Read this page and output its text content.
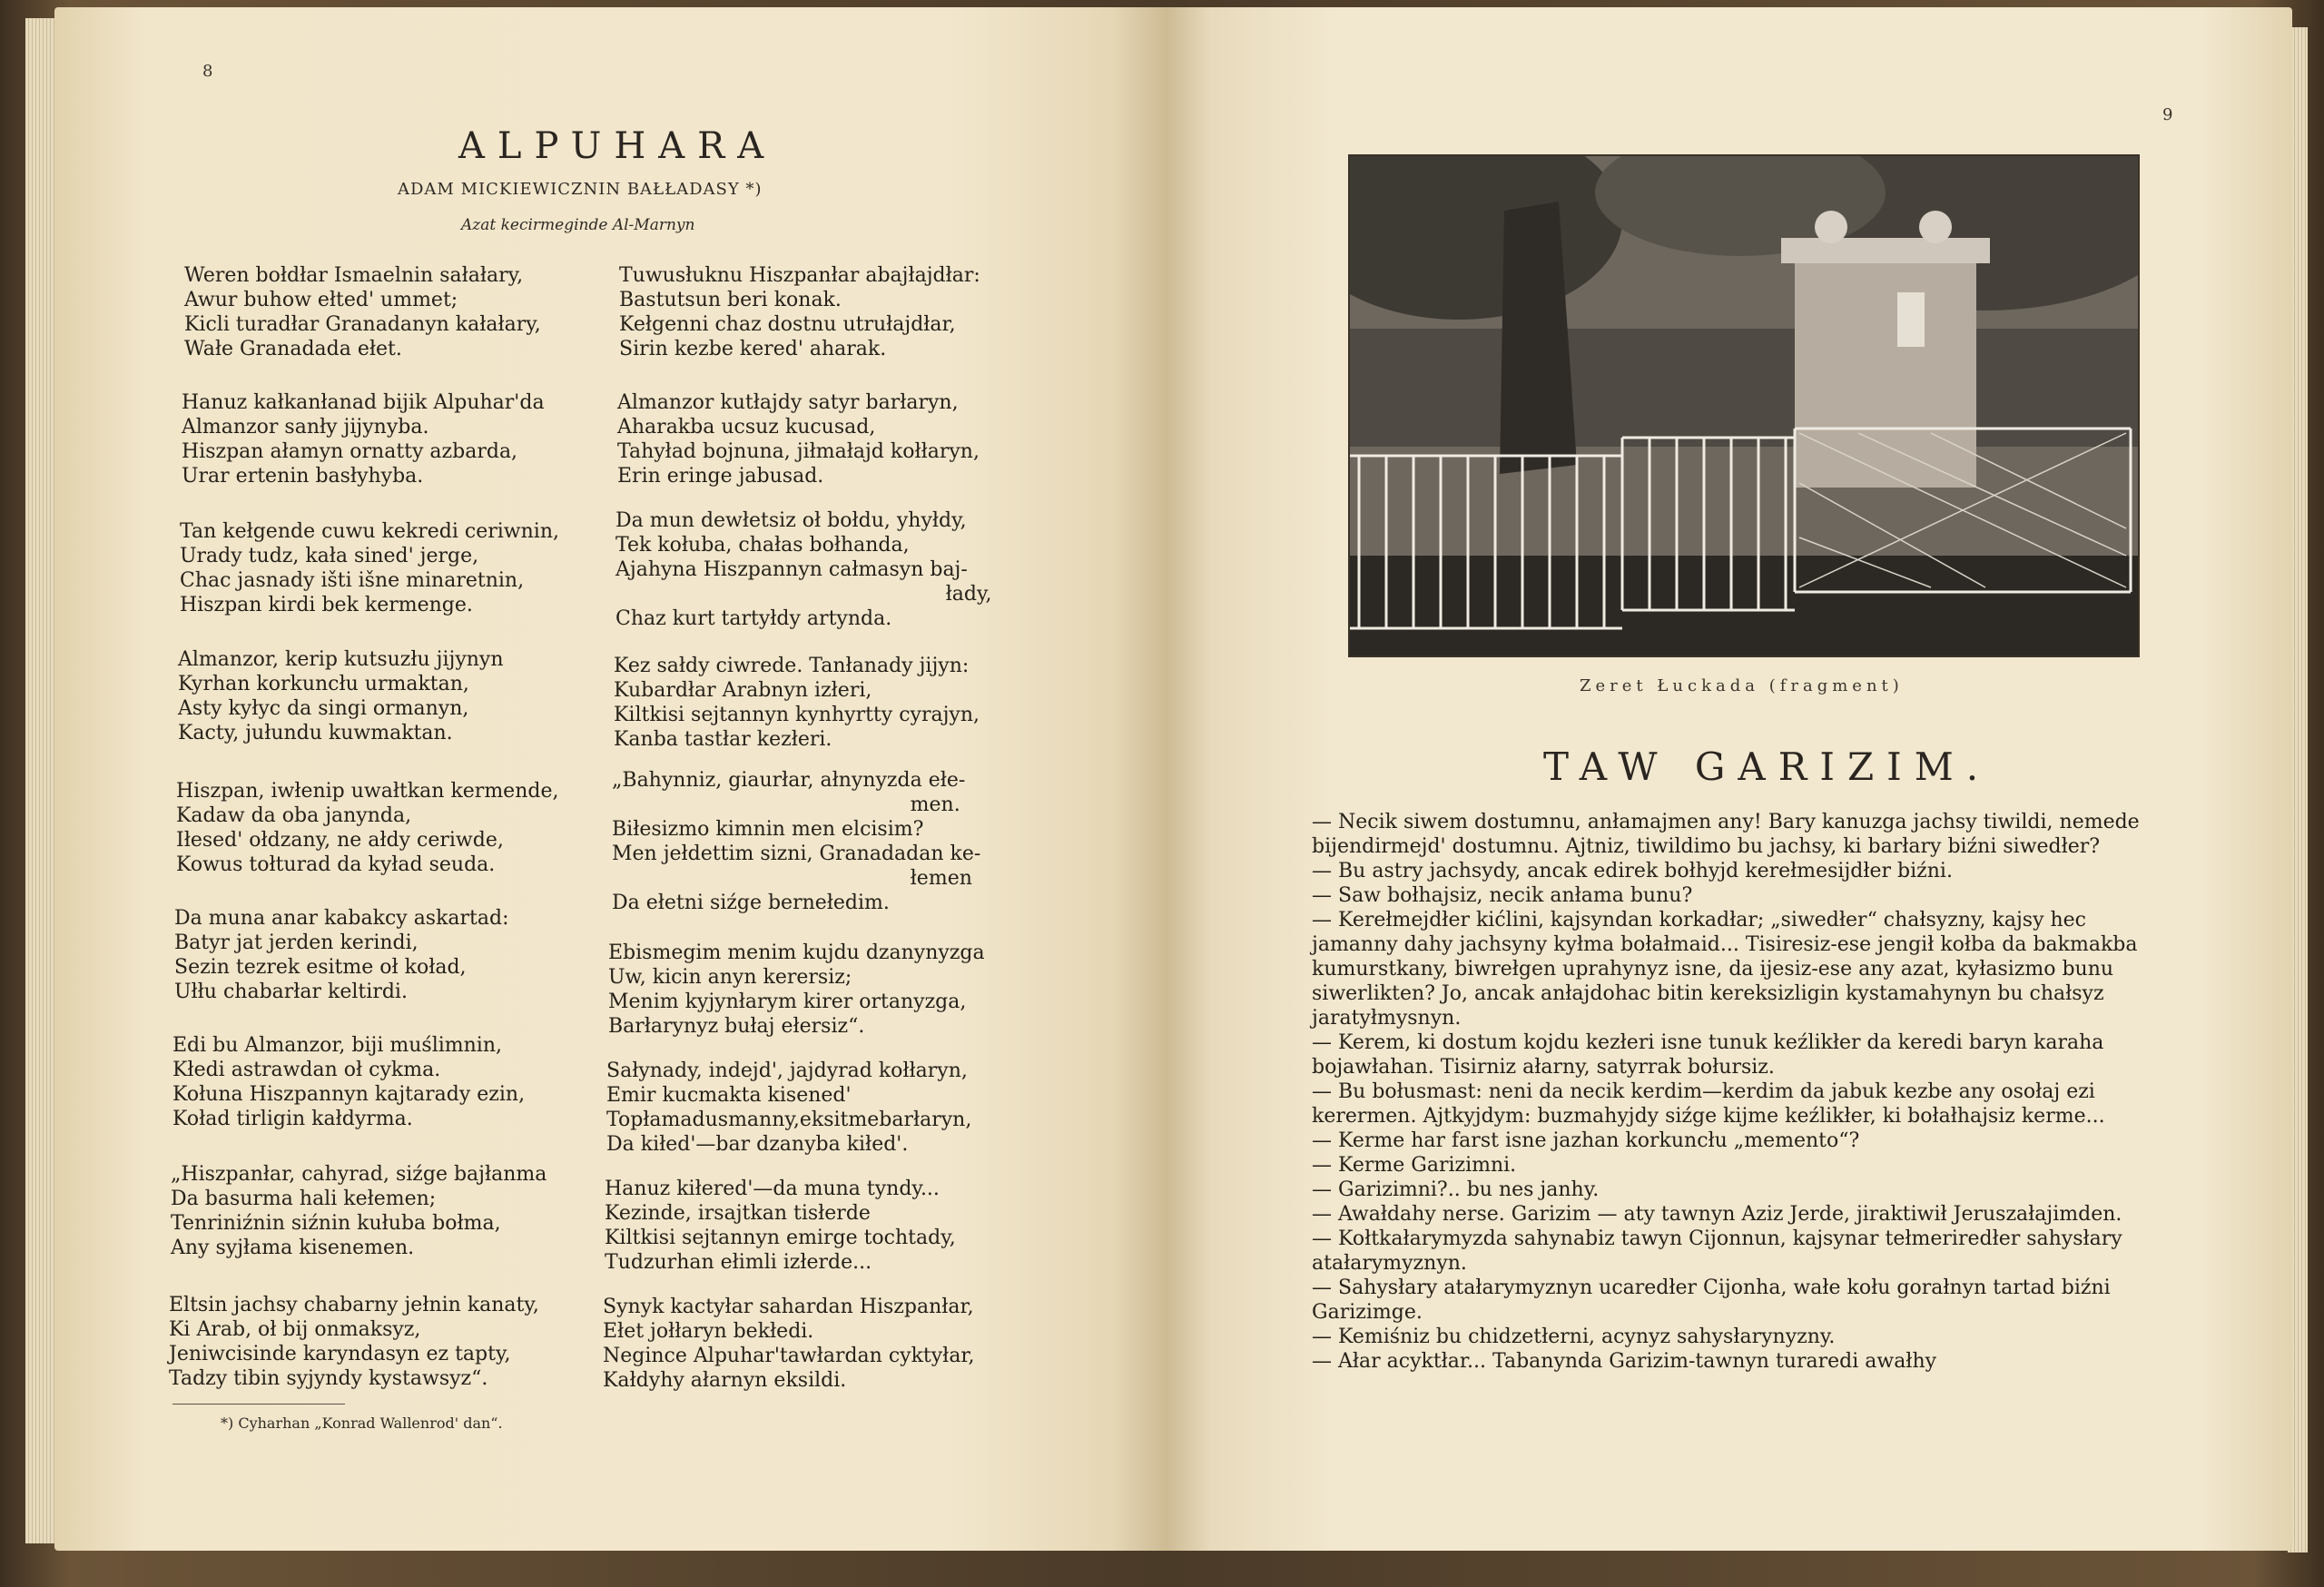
8
ALPUHARA
ADAM MICKIEWICZNIN BAŁŁADASY *)
Azat kecirmeginde Al-Marnyn
Weren bołdłar Ismaelnin sałałary,
Awur buhow ełted' ummet;
Kicli turadłar Granadanyn kałałary,
Wałe Granadada ełet.
Hanuz kałkanłanad bijik Alpuhar'da
Almanzor sanły jijynyba.
Hiszpan ałamyn ornatty azbarda,
Urar ertenin basłyhyba.
Tan kełgende cuwu kekredi ceriwnin,
Urady tudz, kała sined' jerge,
Chac jasnady išti išne minaretnin,
Hiszpan kirdi bek kermenge.
Almanzor, kerip kutsuzłu jijynyn
Kyrhan korkuncłu urmaktan,
Asty kyłyc da singi ormanyn,
Kacty, jułundu kuwmaktan.
Hiszpan, iwłenip uwałtkan kermende,
Kadaw da oba janynda,
Iłesed' ołdzany, ne ałdy ceriwde,
Kowus tołturad da kyład seuda.
Da muna anar kabakcy askartad:
Batyr jat jerden kerindi,
Sezin tezrek esitme oł koład,
Ułłu chabarłar keltirdi.
Edi bu Almanzor, biji muślimnin,
Kłedi astrawdan oł cykma.
Kołuna Hiszpannyn kajtarady ezin,
Koład tirligin kałdyrma.
„Hiszpanłar, cahyrad, siźge bajłanma
Da basurma hali kełemen;
Tenriniźnin siźnin kułuba bołma,
Any syjłama kisenemen.
Eltsin jachsy chabarny jełnin kanaty,
Ki Arab, oł bij onmaksyz,
Jeniwcisinde karyndasyn ez tapty,
Tadzy tibin syjyndy kystawsyz“.
Tuwusłuknu Hiszpanłar abajłajdłar:
Bastutsun beri konak.
Kełgenni chaz dostnu utrułajdłar,
Sirin kezbe kered' aharak.
Almanzor kutłajdy satyr barłaryn,
Aharakba ucsuz kucusad,
Tahyład bojnuna, jiłmałajd kołłaryn,
Erin eringe jabusad.
Da mun dewłetsiz oł bołdu, yhyłdy,
Tek kołuba, chałas bołhanda,
Ajahyna Hiszpannyn całmasyn baj-
łady,
Chaz kurt tartyłdy artynda.
Kez sałdy ciwrede. Tanłanady jijyn:
Kubardłar Arabnyn izłeri,
Kiltkisi sejtannyn kynhyrtty cyrajyn,
Kanba tastłar kezłeri.
„Bahynniz, giaurłar, ałnynyzda ełe-
men.
Biłesizmo kimnin men elcisim?
Men jełdettim sizni, Granadadan ke-
łemen
Da ełetni siźge bernełedim.
Ebismegim menim kujdu dzanynyzga
Uw, kicin anyn kerersiz;
Menim kyjynłarym kirer ortanyzga,
Barłarynyz bułaj ełersiz“.
Sałynady, indejd', jajdyrad kołłaryn,
Emir kucmakta kisened'
Topłamadusmanny,eksitmebarłaryn,
Da kiłed'—bar dzanyba kiłed'.
Hanuz kiłered'—da muna tyndy...
Kezinde, irsajtkan tisłerde
Kiltkisi sejtannyn emirge tochtady,
Tudzurhan ełimli izłerde...
Synyk kactyłar sahardan Hiszpanłar,
Ełet jołłaryn bekłedi.
Negince Alpuhar'tawłardan cyktyłar,
Kałdyhy ałarnyn eksildi.
*) Cyharhan „Konrad Wallenrod' dan“.
9
Zeret Łuckada (fragment)
TAW GARIZIM.
— Necik siwem dostumnu, anłamajmen any! Bary kanuzga jachsy tiwildi, nemede bijendirmejd' dostumnu. Ajtniz, tiwildimo bu jachsy, ki barłary biźni siwedłer?
— Bu astry jachsydy, ancak edirek bołhyjd kerełmesijdłer biźni.
— Saw bołhajsiz, necik anłama bunu?
— Kerełmejdłer kićlini, kajsyndan korkadłar; „siwedłer“ chałsyzny, kajsy hec jamanny dahy jachsyny kyłma bołałmaid... Tisiresiz-ese jengił kołba da bakmakba kumurstkany, biwrełgen uprahynyz isne, da ijesiz-ese any azat, kyłasizmo bunu siwerlikten? Jo, ancak anłajdohac bitin kereksizligin kystamahynyn bu chałsyz jaratyłmysnyn.
— Kerem, ki dostum kojdu kezłeri isne tunuk keźlikłer da keredi baryn karaha bojawłahan. Tisirniz ałarny, satyrrak bołursiz.
— Bu bołusmast: neni da necik kerdim—kerdim da jabuk kezbe any osołaj ezi kerermen. Ajtkyjdym: buzmahyjdy siźge kijme keźlikłer, ki bołałhajsiz kerme...
— Kerme har farst isne jazhan korkuncłu „memento“?
— Kerme Garizimni.
— Garizimni?.. bu nes janhy.
— Awałdahy nerse. Garizim — aty tawnyn Aziz Jerde, jiraktiwił Jeruszałajimden.
— Kołtkałarymyzda sahynabiz tawyn Cijonnun, kajsynar tełmeriredłer sahysłary atałarymyznyn.
— Sahysłary atałarymyznyn ucaredłer Cijonha, wałe kołu gorałnyn tartad biźni Garizimge.
— Kemiśniz bu chidzetłerni, acynyz sahysłarynyzny.
— Ałar acyktłar... Tabanynda Garizim-tawnyn turaredi awałhy
